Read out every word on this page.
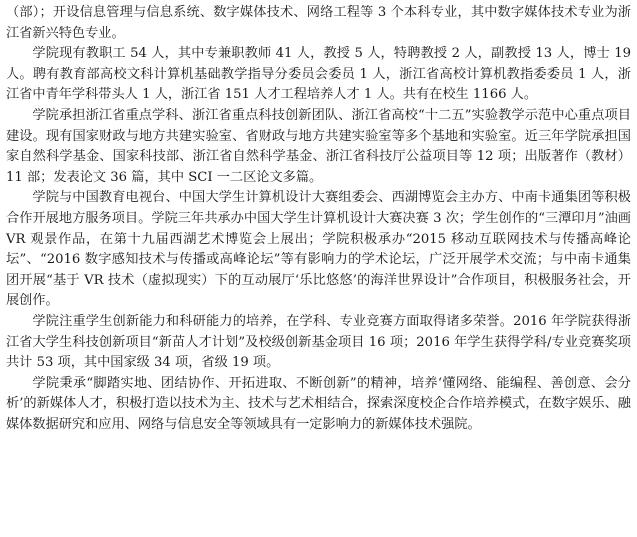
（部）；开设信息管理与信息系统、数字媒体技术、网络工程等 3 个本科专业，其中数字媒体技术专业为浙江省新兴特色专业。

学院现有教职工 54 人，其中专兼职教师 41 人，教授 5 人，特聘教授 2 人，副教授 13 人，博士 19 人。聘有教育部高校文科计算机基础教学指导分委员会委员 1 人，浙江省高校计算机教指委委员 1 人，浙江省中青年学科带头人 1 人，浙江省 151 人才工程培养人才 1 人。共有在校生 1166 人。

学院承担浙江省重点学科、浙江省重点科技创新团队、浙江省高校“十二五”实验教学示范中心重点项目建设。现有国家财政与地方共建实验室、省财政与地方共建实验室等多个基地和实验室。近三年学院承担国家自然科学基金、国家科技部、浙江省自然科学基金、浙江省科技厅公益项目等 12 项；出版著作（教材）11 部；发表论文 36 篇，其中 SCI 一二区论文多篇。

学院与中国教育电视台、中国大学生计算机设计大赛组委会、西湖博览会主办方、中南卡通集团等积极合作开展地方服务项目。学院三年共承办中国大学生计算机设计大赛决赛 3 次；学生创作的“三潭印月”油画 VR 观景作品，在第十九届西湖艺术博览会上展出；学院积极承办“2015 移动互联网技术与传播高峰论坛”、“2016 数字感知技术与传播或高峰论坛”等有影响力的学术论坛，广泛开展学术交流；与中南卡通集团开展“基于 VR 技术（虚拟现实）下的互动展厅‘乐比悠悠’的海洋世界设计”合作项目，积极服务社会，开展创作。

学院注重学生创新能力和科研能力的培养，在学科、专业竞赛方面取得诸多荣誉。2016 年学院获得浙江省大学生科技创新项目“新苗人才计划”及校级创新基金项目 16 项；2016 年学生获得学科/专业竞赛奖项共计 53 项，其中国家级 34 项，省级 19 项。

学院秉承“脚踏实地、团结协作、开拓进取、不断创新”的精神，培养‘懂网络、能编程、善创意、会分析’的新媒体人才，积极打造以技术为主、技术与艺术相结合，探索深度校企合作培养模式，在数字娱乐、融媒体数据研究和应用、网络与信息安全等领域具有一定影响力的新媒体技术强院。
